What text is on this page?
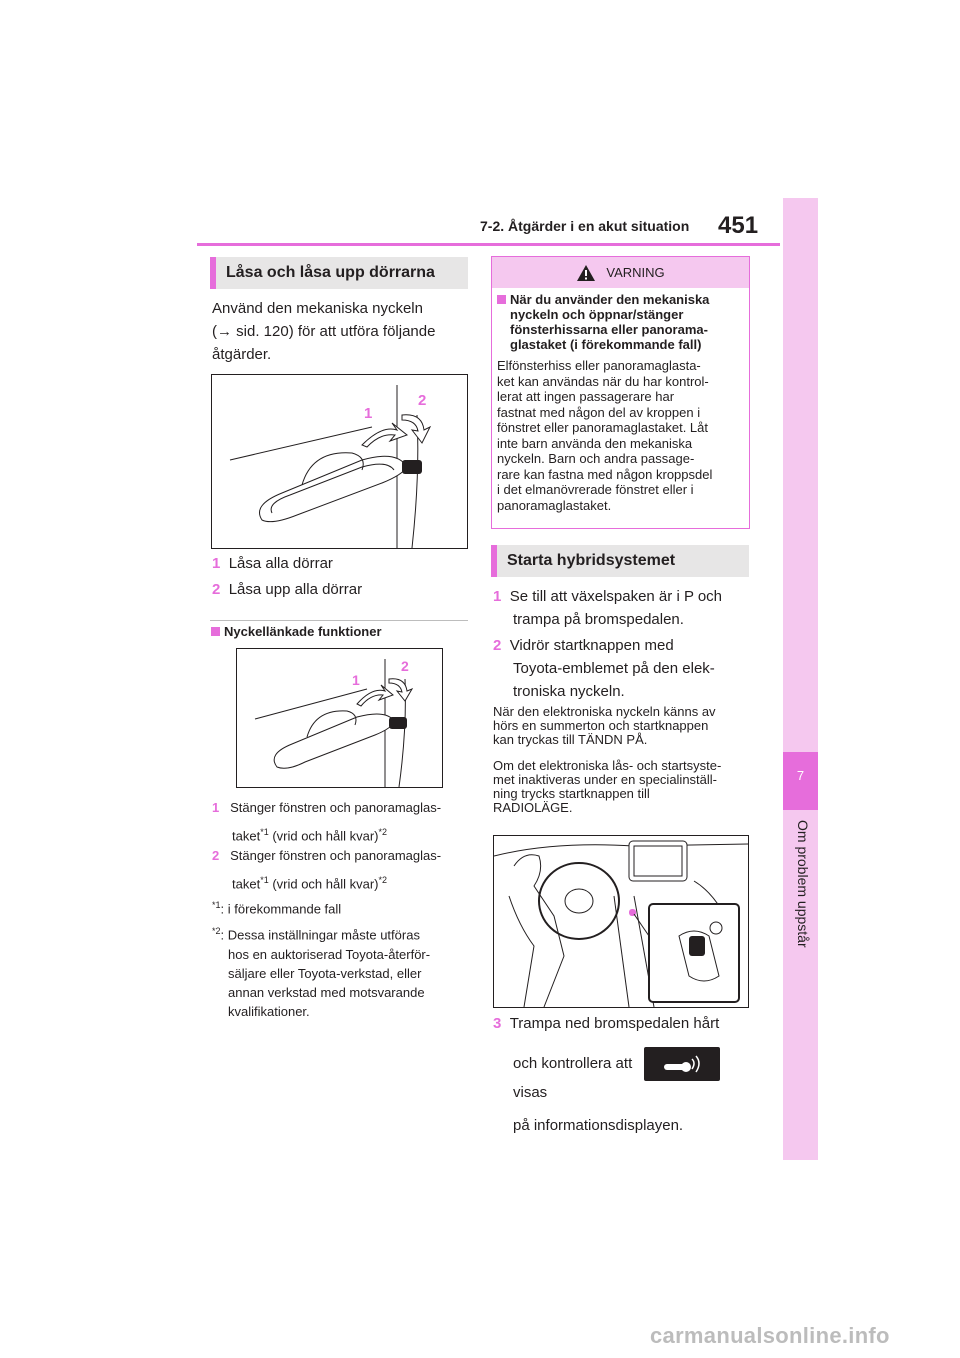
7-2. Åtgärder i en akut situation 451
7
Om problem uppstår
Låsa och låsa upp dörrarna
Använd den mekaniska nyckeln
(→ sid. 120) för att utföra följande
åtgärder.
1
2
1 Låsa alla dörrar
2 Låsa upp alla dörrar
Nyckellänkade funktioner
1
2
1 Stänger fönstren och panoramaglas-
taket$^{*1}$ (vrid och håll kvar)$^{*2}$
2 Stänger fönstren och panoramaglas-
taket$^{*1}$ (vrid och håll kvar)$^{*2}$
$^{*1}$: i förekommande fall
$^{*2}$: Dessa inställningar måste utföras
hos en auktoriserad Toyota-återför-
säljare eller Toyota-verkstad, eller
annan verkstad med motsvarande
kvalifikationer.
VARNING
När du använder den mekaniska
nyckeln och öppnar/stänger
fönsterhissarna eller panorama-
glastaket (i förekommande fall)
Elfönsterhiss eller panoramaglasta-
ket kan användas när du har kontrol-
lerat att ingen passagerare har
fastnat med någon del av kroppen i
fönstret eller panoramaglastaket. Låt
inte barn använda den mekaniska
nyckeln. Barn och andra passage-
rare kan fastna med någon kroppsdel
i det elmanövrerade fönstret eller i
panoramaglastaket.
Starta hybridsystemet
1 Se till att växelspaken är i P och
trampa på bromspedalen.
2 Vidrör startknappen med
Toyota-emblemet på den elek-
troniska nyckeln.
När den elektroniska nyckeln känns av
hörs en summerton och startknappen
kan tryckas till TÄNDN PÅ.
Om det elektroniska lås- och startsyste-
met inaktiveras under en specialinställ-
ning trycks startknappen till
RADIOLÄGE.
3 Trampa ned bromspedalen hårt
och kontrollera att  visas
på informationsdisplayen.
carmanualsonline.info
